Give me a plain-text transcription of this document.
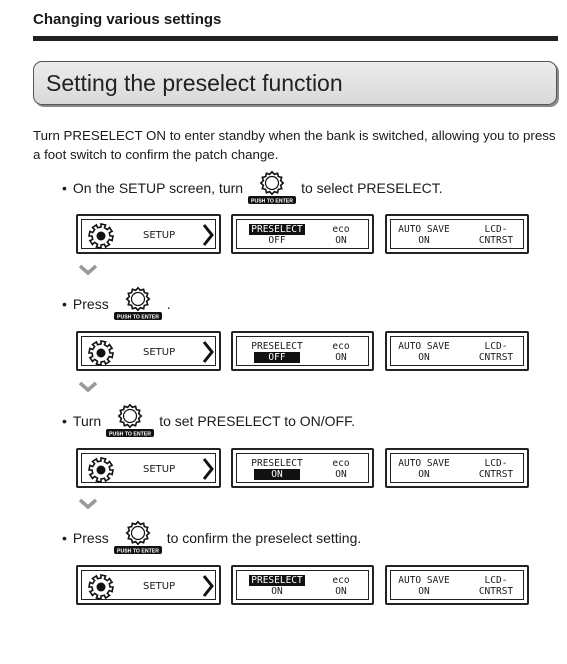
Changing various settings
Setting the preselect function
Turn PRESELECT ON to enter standby when the bank is switched, allowing you to press a foot switch to confirm the patch change.
• On the SETUP screen, turn
PUSH TO ENTER
to select PRESELECT.
SETUP
PRESELECT
OFF
eco
ON
AUTO SAVE
ON
LCD-
CNTRST
• Press
PUSH TO ENTER
.
SETUP
PRESELECT
OFF
eco
ON
AUTO SAVE
ON
LCD-
CNTRST
• Turn
PUSH TO ENTER
to set PRESELECT to ON/OFF.
SETUP
PRESELECT
ON
eco
ON
AUTO SAVE
ON
LCD-
CNTRST
• Press
PUSH TO ENTER
to confirm the preselect setting.
SETUP
PRESELECT
ON
eco
ON
AUTO SAVE
ON
LCD-
CNTRST
